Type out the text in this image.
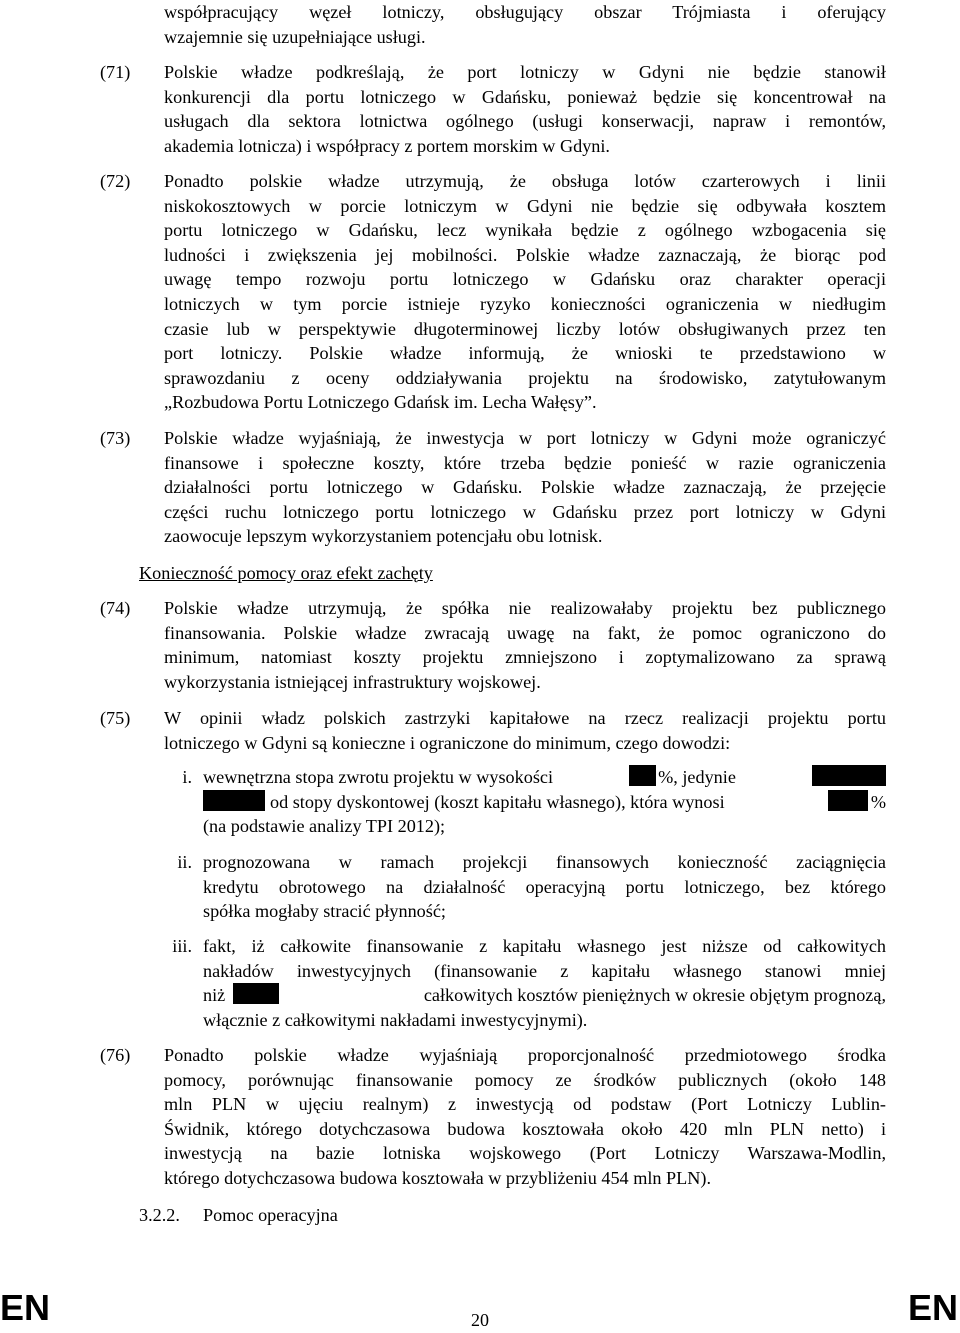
współpracujący węzeł lotniczy, obsługujący obszar Trójmiasta i oferujący
wzajemnie się uzupełniające usługi.
(71)	Polskie władze podkreślają, że port lotniczy w Gdyni nie będzie stanowił
konkurencji dla portu lotniczego w Gdańsku, ponieważ będzie się koncentrował na
usługach dla sektora lotnictwa ogólnego (usługi konserwacji, napraw i remontów,
akademia lotnicza) i współpracy z portem morskim w Gdyni.
(72)	Ponadto polskie władze utrzymują, że obsługa lotów czarterowych i linii
niskokosztowych w porcie lotniczym w Gdyni nie będzie się odbywała kosztem
portu lotniczego w Gdańsku, lecz wynikała będzie z ogólnego wzbogacenia się
ludności i zwiększenia jej mobilności. Polskie władze zaznaczają, że biorąc pod
uwagę tempo rozwoju portu lotniczego w Gdańsku oraz charakter operacji
lotniczych w tym porcie istnieje ryzyko konieczności ograniczenia w niedługim
czasie lub w perspektywie długoterminowej liczby lotów obsługiwanych przez ten
port lotniczy. Polskie władze informują, że wnioski te przedstawiono w
sprawozdaniu z oceny oddziaływania projektu na środowisko, zatytułowanym
„Rozbudowa Portu Lotniczego Gdańsk im. Lecha Wałęsy”.
(73)	Polskie władze wyjaśniają, że inwestycja w port lotniczy w Gdyni może ograniczyć
finansowe i społeczne koszty, które trzeba będzie ponieść w razie ograniczenia
działalności portu lotniczego w Gdańsku. Polskie władze zaznaczają, że przejęcie
części ruchu lotniczego portu lotniczego w Gdańsku przez port lotniczy w Gdyni
zaowocuje lepszym wykorzystaniem potencjału obu lotnisk.
Konieczność pomocy oraz efekt zachęty
(74)	Polskie władze utrzymują, że spółka nie realizowałaby projektu bez publicznego
finansowania. Polskie władze zwracają uwagę na fakt, że pomoc ograniczono do
minimum, natomiast koszty projektu zmniejszono i zoptymalizowano za sprawą
wykorzystania istniejącej infrastruktury wojskowej.
(75)	W opinii władz polskich zastrzyki kapitałowe na rzecz realizacji projektu portu
lotniczego w Gdyni są konieczne i ograniczone do minimum, czego dowodzi:
i. wewnętrzna stopa zwrotu projektu w wysokości	%, jedynie
od stopy dyskontowej (koszt kapitału własnego), która wynosi	%
(na podstawie analizy TPI 2012);
ii. prognozowana w ramach projekcji finansowych konieczność zaciągnięcia
kredytu obrotowego na działalność operacyjną portu lotniczego, bez którego
spółka mogłaby stracić płynność;
iii. fakt, iż całkowite finansowanie z kapitału własnego jest niższe od całkowitych
nakładów inwestycyjnych (finansowanie z kapitału własnego stanowi mniej
niż	całkowitych kosztów pieniężnych w okresie objętym prognozą,
włącznie z całkowitymi nakładami inwestycyjnymi).
(76)	Ponadto polskie władze wyjaśniają proporcjonalność przedmiotowego środka
pomocy, porównując finansowanie pomocy ze środków publicznych (około 148
mln PLN w ujęciu realnym) z inwestycją od podstaw (Port Lotniczy Lublin-
Świdnik, którego dotychczasowa budowa kosztowała około 420 mln PLN netto) i
inwestycją na bazie lotniska wojskowego (Port Lotniczy Warszawa-Modlin,
którego dotychczasowa budowa kosztowała w przybliżeniu 454 mln PLN).
3.2.2. Pomoc operacyjna
EN	EN
20
